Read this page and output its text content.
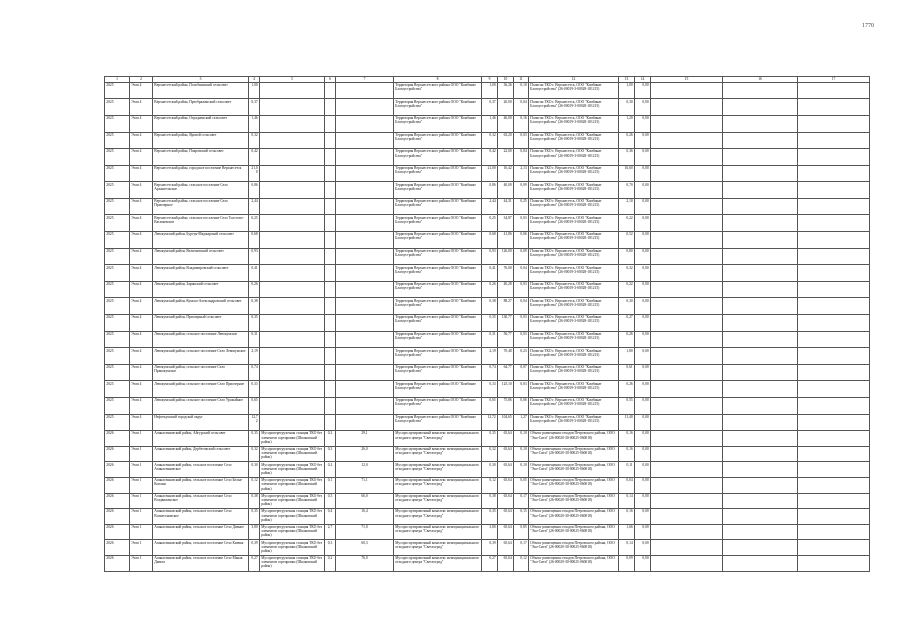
1770
1	2	3	4	5	6	7	8	9	10	11	12	13	14	15	16	17
2025	Этап 4	Верхнесетский район, Полобнинский сельсовет	1,00				Территория Верхнесетского района ООО "Комбинат Благоустройства"	1,00	36,26	0,10	Полигон ТКО г. Верхнесетск, ООО "Комбинат Благоустройства" (26-00019-3-00028-181215)	1,00	0,00			
2025	Этап 4	Верхнесетский район, Преображенский сельсовет	0,37				Территория Верхнесетского района ООО "Комбинат Благоустройства"	0,37	20,00	0,04	Полигон ТКО г. Верхнесетск, ООО "Комбинат Благоустройства" (26-00019-3-00028-181215)	0,30	0,00			
2025	Этап 4	Верхнесетский район, Отрадненский сельсовет	1,46				Территория Верхнесетского района ООО "Комбинат Благоустройства"	1,46	46,00	0,16	Полигон ТКО г. Верхнесетск, ООО "Комбинат Благоустройства" (26-00019-3-00028-181215)	1,20	0,00			
2025	Этап 4	Верхнесетский район, Яровой сельсовет	0,32				Территория Верхнесетского района ООО "Комбинат Благоустройства"	0,32	63,20	0,03	Полигон ТКО г. Верхнесетск, ООО "Комбинат Благоустройства" (26-00019-3-00028-181215)	0,26	0,00			
2025	Этап 4	Верхнесетский район, Покровский сельсовет	0,42				Территория Верхнесетского района ООО "Комбинат Благоустройства"	0,42	22,00	0,04	Полигон ТКО г. Верхнесетск, ООО "Комбинат Благоустройства" (26-00019-3-00028-181215)	0,36	0,00			
2025	Этап 4	Верхнесетский район, городское поселение Верхнесетск	21,00				Территория Верхнесетского района ООО "Комбинат Благоустройства"	21,00	16,42	2,13	Полигон ТКО г. Верхнесетск, ООО "Комбинат Благоустройства" (26-00019-3-00028-181215)	16,60	0,00			
2025	Этап 4	Верхнесетский район, сельское поселение Село Архангельское	0,86				Территория Верхнесетского района ООО "Комбинат Благоустройства"	0,86	40,00	0,09	Полигон ТКО г. Верхнесетск, ООО "Комбинат Благоустройства" (26-00019-3-00028-181215)	0,70	0,00			
2025	Этап 4	Верхнесетский район, сельское поселение Село Приозерное	2,44				Территория Верхнесетского района ООО "Комбинат Благоустройства"	2,44	44,31	0,25	Полигон ТКО г. Верхнесетск, ООО "Комбинат Благоустройства" (26-00019-3-00028-181215)	2,10	0,00			
2025	Этап 4	Верхнесетский район, сельское поселение Село Толстово-Васюковское	0,25				Территория Верхнесетского района ООО "Комбинат Благоустройства"	0,25	34,87	0,03	Полигон ТКО г. Верхнесетск, ООО "Комбинат Благоустройства" (26-00019-3-00028-181215)	0,22	0,00			
2025	Этап 4	Левокумский район, Бургун-Маджарский сельсовет	0,68				Территория Верхнесетского района ООО "Комбинат Благоустройства"	0,68	41,86	0,06	Полигон ТКО г. Верхнесетск, ООО "Комбинат Благоустройства" (26-00019-3-00028-181215)	0,52	0,00			
2025	Этап 4	Левокумский район, Величаевский сельсовет	0,93				Территория Верхнесетского района ООО "Комбинат Благоустройства"	0,93	126,00	0,09	Полигон ТКО г. Верхнесетск, ООО "Комбинат Благоустройства" (26-00019-3-00028-181215)	0,80	0,00			
2025	Этап 4	Левокумский район, Владимировский сельсовет	0,41				Территория Верхнесетского района ООО "Комбинат Благоустройства"	0,41	76,00	0,04	Полигон ТКО г. Верхнесетск, ООО "Комбинат Благоустройства" (26-00019-3-00028-181215)	0,32	0,00			
2025	Этап 4	Левокумский район, Заринский сельсовет	0,26				Территория Верхнесетского района ООО "Комбинат Благоустройства"	0,26	40,28	0,03	Полигон ТКО г. Верхнесетск, ООО "Комбинат Благоустройства" (26-00019-3-00028-181215)	0,22	0,00			
2025	Этап 4	Левокумский район, Кумско-Александровский сельсовет	0,38				Территория Верхнесетского района ООО "Комбинат Благоустройства"	0,38	88,27	0,04	Полигон ТКО г. Верхнесетск, ООО "Комбинат Благоустройства" (26-00019-3-00028-181215)	0,30	0,00			
2025	Этап 4	Левокумский район, Приозерный сельсовет	0,35				Территория Верхнесетского района ООО "Комбинат Благоустройства"	0,35	130,77	0,03	Полигон ТКО г. Верхнесетск, ООО "Комбинат Благоустройства" (26-00019-3-00028-181215)	0,27	0,00			
2025	Этап 4	Левокумский район, сельское поселение Левокумское	0,31				Территория Верхнесетского района ООО "Комбинат Благоустройства"	0,31	56,77	0,03	Полигон ТКО г. Верхнесетск, ООО "Комбинат Благоустройства" (26-00019-3-00028-181215)	0,26	0,00			
2025	Этап 4	Левокумский район, сельское поселение Село Левокумское	2,19				Территория Верхнесетского района ООО "Комбинат Благоустройства"	2,19	70,48	0,23	Полигон ТКО г. Верхнесетск, ООО "Комбинат Благоустройства" (26-00019-3-00028-181215)	1,80	0,00			
2025	Этап 4	Левокумский район, сельское поселение Село Правокумское	0,74				Территория Верхнесетского района ООО "Комбинат Благоустройства"	0,74	64,77	0,07	Полигон ТКО г. Верхнесетск, ООО "Комбинат Благоустройства" (26-00019-3-00028-181215)	0,61	0,00			
2025	Этап 4	Левокумский район, сельское поселение Село Приозерное	0,33				Территория Верхнесетского района ООО "Комбинат Благоустройства"	0,33	125,10	0,03	Полигон ТКО г. Верхнесетск, ООО "Комбинат Благоустройства" (26-00019-3-00028-181215)	0,26	0,00			
2025	Этап 4	Левокумский район, сельское поселение Село Урожайное	0,65				Территория Верхнесетского района ООО "Комбинат Благоустройства"	0,65	75,86	0,06	Полигон ТКО г. Верхнесетск, ООО "Комбинат Благоустройства" (26-00019-3-00028-181215)	0,55	0,00			
2025	Этап 4	Нефтекумский городской округ	12,72				Территория Верхнесетского района ООО "Комбинат Благоустройства"	12,72	104,65	1,27	Полигон ТКО г. Верхнесетск, ООО "Комбинат Благоустройства" (26-00019-3-00028-181215)	11,40	0,00			
2026	Этап 1	Апанасенковский район, Айгурский сельсовет	0,35	Мусороперегрузочная станция ТКО без элементов сортировки (Шпаковский район)	0,2	29,1	Мусоросортировочный комплекс межмуниципального отходного центра "Светлоград"	0,35	65,64	0,10	Объект размещения отходов Петровского района, ООО "Эко-Сити" (26-00020-З0-00025-060018)	0,16	0,00			
2026	Этап 1	Апанасенковский район, Дербетовский сельсовет	0,32	Мусороперегрузочная станция ТКО без элементов сортировки (Шпаковский район)	0,3	26,0	Мусоросортировочный комплекс межмуниципального отходного центра "Светлоград"	0,32	65,64	0,10	Объект размещения отходов Петровского района, ООО "Эко-Сити" (26-00020-З0-00025-060018)	0,16	0,00			
2026	Этап 1	Апанасенковский район, сельское поселение Село Апанасенковское	0,30	Мусороперегрузочная станция ТКО без элементов сортировки (Шпаковский район)	0,2	12,0	Мусоросортировочный комплекс межмуниципального отходного центра "Светлоград"	0,30	65,64	0,10	Объект размещения отходов Петровского района, ООО "Эко-Сити" (26-00020-З0-00025-060018)	0,11	0,00			
2026	Этап 1	Апанасенковский район, сельское поселение Село Белые Копани	0,12	Мусороперегрузочная станция ТКО без элементов сортировки (Шпаковский район)	0,1	71,1	Мусоросортировочный комплекс межмуниципального отходного центра "Светлоград"	0,12	65,64	0,05	Объект размещения отходов Петровского района, ООО "Эко-Сити" (26-00020-З0-00025-060018)	0,04	0,00			
2026	Этап 1	Апанасенковский район, сельское поселение Село Воздвиженское	0,38	Мусороперегрузочная станция ТКО без элементов сортировки (Шпаковский район)	0,3	66,0	Мусоросортировочный комплекс межмуниципального отходного центра "Светлоград"	0,38	65,64	0,17	Объект размещения отходов Петровского района, ООО "Эко-Сити" (26-00020-З0-00025-060018)	0,14	0,00			
2026	Этап 1	Апанасенковский район, сельское поселение Село Вознесеновское	0,35	Мусороперегрузочная станция ТКО без элементов сортировки (Шпаковский район)	0,4	16,4	Мусоросортировочный комплекс межмуниципального отходного центра "Светлоград"	0,35	65,64	0,15	Объект размещения отходов Петровского района, ООО "Эко-Сити" (26-00020-З0-00025-060018)	0,16	0,00			
2026	Этап 1	Апанасенковский район, сельское поселение Село Дивное	3,80	Мусороперегрузочная станция ТКО без элементов сортировки (Шпаковский район)	2,7	71,0	Мусоросортировочный комплекс межмуниципального отходного центра "Светлоград"	3,80	65,64	0,85	Объект размещения отходов Петровского района, ООО "Эко-Сити" (26-00020-З0-00025-060018)	1,66	0,00			
2026	Этап 1	Апанасенковский район, сельское поселение Село Киевка	0,39	Мусороперегрузочная станция ТКО без элементов сортировки (Шпаковский район)	0,3	60,3	Мусоросортировочный комплекс межмуниципального отходного центра "Светлоград"	0,39	65,64	0,17	Объект размещения отходов Петровского района, ООО "Эко-Сити" (26-00020-З0-00025-060018)	0,14	0,00			
2026	Этап 1	Апанасенковский район, сельское поселение Село Манак Давкта	0,27	Мусороперегрузочная станция ТКО без элементов сортировки (Шпаковский район)	0,2	76,0	Мусоросортировочный комплекс межмуниципального отходного центра "Светлоград"	0,27	65,64	0,12	Объект размещения отходов Петровского района, ООО "Эко-Сити" (26-00020-З0-00025-060018)	0,09	0,00			
